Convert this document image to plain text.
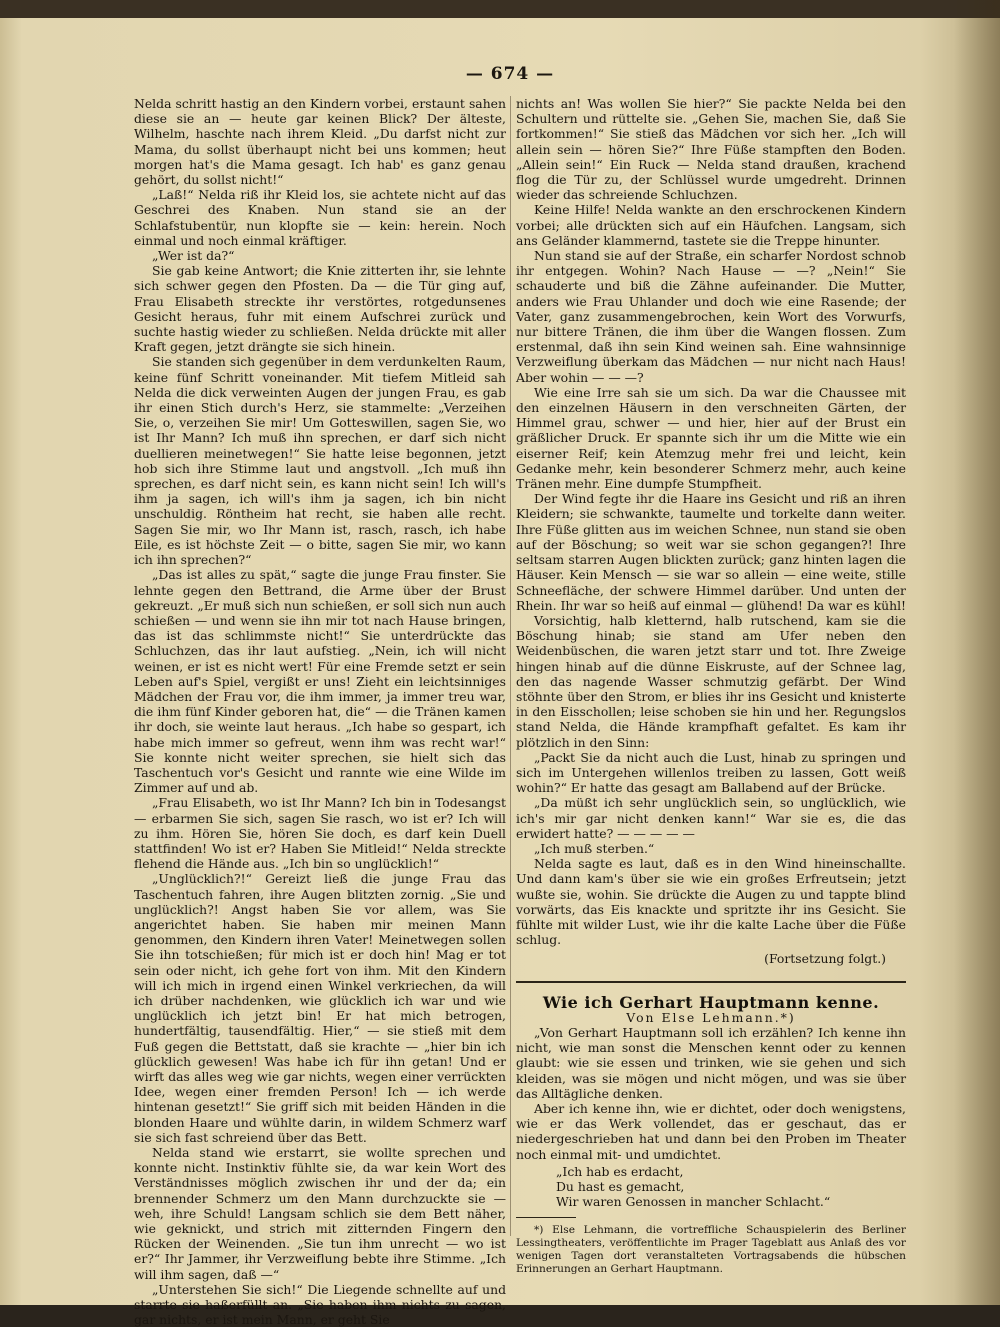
— 674 —

Nelda schritt hastig an den Kindern vorbei, erstaunt sahen diese sie an — heute gar keinen Blick? Der älteste, Wilhelm, haschte nach ihrem Kleid. „Du darfst nicht zur Mama, du sollst überhaupt nicht bei uns kommen; heut morgen hat's die Mama gesagt. Ich hab' es ganz genau gehört, du sollst nicht!“

„Laß!“ Nelda riß ihr Kleid los, sie achtete nicht auf das Geschrei des Knaben. Nun stand sie an der Schlafstubentür, nun klopfte sie — kein: herein. Noch einmal und noch einmal kräftiger.

„Wer ist da?“

Sie gab keine Antwort; die Knie zitterten ihr, sie lehnte sich schwer gegen den Pfosten. Da — die Tür ging auf, Frau Elisabeth streckte ihr verstörtes, rotgedunsenes Gesicht heraus, fuhr mit einem Aufschrei zurück und suchte hastig wieder zu schließen. Nelda drückte mit aller Kraft gegen, jetzt drängte sie sich hinein.

Sie standen sich gegenüber in dem verdunkelten Raum, keine fünf Schritt voneinander. Mit tiefem Mitleid sah Nelda die dick verweinten Augen der jungen Frau, es gab ihr einen Stich durch's Herz, sie stammelte: „Verzeihen Sie, o, verzeihen Sie mir! Um Gotteswillen, sagen Sie, wo ist Ihr Mann? Ich muß ihn sprechen, er darf sich nicht duellieren meinetwegen!“ Sie hatte leise begonnen, jetzt hob sich ihre Stimme laut und angstvoll. „Ich muß ihn sprechen, es darf nicht sein, es kann nicht sein! Ich will's ihm ja sagen, ich will's ihm ja sagen, ich bin nicht unschuldig. Röntheim hat recht, sie haben alle recht. Sagen Sie mir, wo Ihr Mann ist, rasch, rasch, ich habe Eile, es ist höchste Zeit — o bitte, sagen Sie mir, wo kann ich ihn sprechen?“

„Das ist alles zu spät,“ sagte die junge Frau finster. Sie lehnte gegen den Bettrand, die Arme über der Brust gekreuzt. „Er muß sich nun schießen, er soll sich nun auch schießen — und wenn sie ihn mir tot nach Hause bringen, das ist das schlimmste nicht!“ Sie unterdrückte das Schluchzen, das ihr laut aufstieg. „Nein, ich will nicht weinen, er ist es nicht wert! Für eine Fremde setzt er sein Leben auf's Spiel, vergißt er uns! Zieht ein leichtsinniges Mädchen der Frau vor, die ihm immer, ja immer treu war, die ihm fünf Kinder geboren hat, die“ — die Tränen kamen ihr doch, sie weinte laut heraus. „Ich habe so gespart, ich habe mich immer so gefreut, wenn ihm was recht war!“ Sie konnte nicht weiter sprechen, sie hielt sich das Taschentuch vor's Gesicht und rannte wie eine Wilde im Zimmer auf und ab.

„Frau Elisabeth, wo ist Ihr Mann? Ich bin in Todesangst — erbarmen Sie sich, sagen Sie rasch, wo ist er? Ich will zu ihm. Hören Sie, hören Sie doch, es darf kein Duell stattfinden! Wo ist er? Haben Sie Mitleid!“ Nelda streckte flehend die Hände aus. „Ich bin so unglücklich!“

„Unglücklich?!“ Gereizt ließ die junge Frau das Taschentuch fahren, ihre Augen blitzten zornig. „Sie und unglücklich?! Angst haben Sie vor allem, was Sie angerichtet haben. Sie haben mir meinen Mann genommen, den Kindern ihren Vater! Meinetwegen sollen Sie ihn totschießen; für mich ist er doch hin! Mag er tot sein oder nicht, ich gehe fort von ihm. Mit den Kindern will ich mich in irgend einen Winkel verkriechen, da will ich drüber nachdenken, wie glücklich ich war und wie unglücklich ich jetzt bin! Er hat mich betrogen, hundertfältig, tausendfältig. Hier,“ — sie stieß mit dem Fuß gegen die Bettstatt, daß sie krachte — „hier bin ich glücklich gewesen! Was habe ich für ihn getan! Und er wirft das alles weg wie gar nichts, wegen einer verrückten Idee, wegen einer fremden Person! Ich — ich werde hintenan gesetzt!“ Sie griff sich mit beiden Händen in die blonden Haare und wühlte darin, in wildem Schmerz warf sie sich fast schreiend über das Bett.

Nelda stand wie erstarrt, sie wollte sprechen und konnte nicht. Instinktiv fühlte sie, da war kein Wort des Verständnisses möglich zwischen ihr und der da; ein brennender Schmerz um den Mann durchzuckte sie — weh, ihre Schuld! Langsam schlich sie dem Bett näher, wie geknickt, und strich mit zitternden Fingern den Rücken der Weinenden. „Sie tun ihm unrecht — wo ist er?“ Ihr Jammer, ihr Verzweiflung bebte ihre Stimme. „Ich will ihm sagen, daß —“

„Unterstehen Sie sich!“ Die Liegende schnellte auf und starrte sie haßerfüllt an. „Sie haben ihm nichts zu sagen, gar nichts, er ist mein Mann, er geht Sie

nichts an! Was wollen Sie hier?“ Sie packte Nelda bei den Schultern und rüttelte sie. „Gehen Sie, machen Sie, daß Sie fortkommen!“ Sie stieß das Mädchen vor sich her. „Ich will allein sein — hören Sie?“ Ihre Füße stampften den Boden. „Allein sein!“ Ein Ruck — Nelda stand draußen, krachend flog die Tür zu, der Schlüssel wurde umgedreht. Drinnen wieder das schreiende Schluchzen.

Keine Hilfe! Nelda wankte an den erschrockenen Kindern vorbei; alle drückten sich auf ein Häufchen. Langsam, sich ans Geländer klammernd, tastete sie die Treppe hinunter.

Nun stand sie auf der Straße, ein scharfer Nordost schnob ihr entgegen. Wohin? Nach Hause — —? „Nein!“ Sie schauderte und biß die Zähne aufeinander. Die Mutter, anders wie Frau Uhlander und doch wie eine Rasende; der Vater, ganz zusammengebrochen, kein Wort des Vorwurfs, nur bittere Tränen, die ihm über die Wangen flossen. Zum erstenmal, daß ihn sein Kind weinen sah. Eine wahnsinnige Verzweiflung überkam das Mädchen — nur nicht nach Haus! Aber wohin — — —?

Wie eine Irre sah sie um sich. Da war die Chaussee mit den einzelnen Häusern in den verschneiten Gärten, der Himmel grau, schwer — und hier, hier auf der Brust ein gräßlicher Druck. Er spannte sich ihr um die Mitte wie ein eiserner Reif; kein Atemzug mehr frei und leicht, kein Gedanke mehr, kein besonderer Schmerz mehr, auch keine Tränen mehr. Eine dumpfe Stumpfheit.

Der Wind fegte ihr die Haare ins Gesicht und riß an ihren Kleidern; sie schwankte, taumelte und torkelte dann weiter. Ihre Füße glitten aus im weichen Schnee, nun stand sie oben auf der Böschung; so weit war sie schon gegangen?! Ihre seltsam starren Augen blickten zurück; ganz hinten lagen die Häuser. Kein Mensch — sie war so allein — eine weite, stille Schneefläche, der schwere Himmel darüber. Und unten der Rhein. Ihr war so heiß auf einmal — glühend! Da war es kühl!

Vorsichtig, halb kletternd, halb rutschend, kam sie die Böschung hinab; sie stand am Ufer neben den Weidenbüschen, die waren jetzt starr und tot. Ihre Zweige hingen hinab auf die dünne Eiskruste, auf der Schnee lag, den das nagende Wasser schmutzig gefärbt. Der Wind stöhnte über den Strom, er blies ihr ins Gesicht und knisterte in den Eisschollen; leise schoben sie hin und her. Regungslos stand Nelda, die Hände krampfhaft gefaltet. Es kam ihr plötzlich in den Sinn:

„Packt Sie da nicht auch die Lust, hinab zu springen und sich im Untergehen willenlos treiben zu lassen, Gott weiß wohin?“ Er hatte das gesagt am Ballabend auf der Brücke.

„Da müßt ich sehr unglücklich sein, so unglücklich, wie ich's mir gar nicht denken kann!“ War sie es, die das erwidert hatte? — — — — —

„Ich muß sterben.“

Nelda sagte es laut, daß es in den Wind hineinschallte. Und dann kam's über sie wie ein großes Erfreutsein; jetzt wußte sie, wohin. Sie drückte die Augen zu und tappte blind vorwärts, das Eis knackte und spritzte ihr ins Gesicht. Sie fühlte mit wilder Lust, wie ihr die kalte Lache über die Füße schlug.

(Fortsetzung folgt.)

Wie ich Gerhart Hauptmann kenne.

Von Else Lehmann.*)

„Von Gerhart Hauptmann soll ich erzählen? Ich kenne ihn nicht, wie man sonst die Menschen kennt oder zu kennen glaubt: wie sie essen und trinken, wie sie gehen und sich kleiden, was sie mögen und nicht mögen, und was sie über das Alltägliche denken.

Aber ich kenne ihn, wie er dichtet, oder doch wenigstens, wie er das Werk vollendet, das er geschaut, das er niedergeschrieben hat und dann bei den Proben im Theater noch einmal mit- und umdichtet.

„Ich hab es erdacht,
Du hast es gemacht,
Wir waren Genossen in mancher Schlacht.“

*) Else Lehmann, die vortreffliche Schauspielerin des Berliner Lessingtheaters, veröffentlichte im Prager Tageblatt aus Anlaß des vor wenigen Tagen dort veranstalteten Vortragsabends die hübschen Erinnerungen an Gerhart Hauptmann.
